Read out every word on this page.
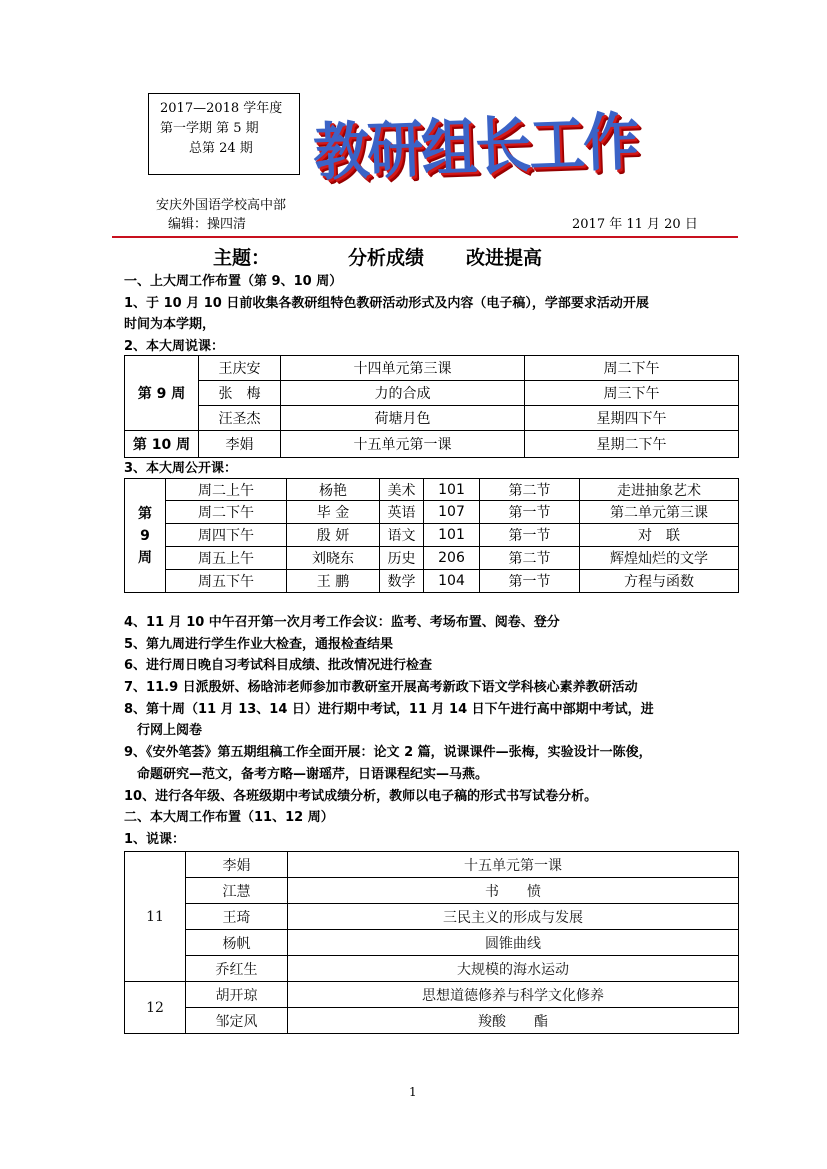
2017—2018 学年度
第一学期 第 5 期
总第 24 期	教研组长工作
安庆外国语学校高中部
编辑：操四清	2017 年 11 月 20 日
主题：	分析成绩 改进提高
一、上大周工作布置（第 9、10 周）
1、于 10 月 10 日前收集各教研组特色教研活动形式及内容（电子稿），学部要求活动开展
时间为本学期，
2、本大周说课：
第 9 周	王庆安	十四单元第三课	周二下午
	张　梅	力的合成	周三下午
	汪圣杰	荷塘月色	星期四下午
第 10 周	李娟	十五单元第一课	星期二下午
3、本大周公开课：
第
9
周	周二上午	杨艳	美术	101	第二节	走进抽象艺术
	周二下午	毕 金	英语	107	第一节	第二单元第三课
	周四下午	殷 妍	语文	101	第一节	对　联
	周五上午	刘晓东	历史	206	第二节	辉煌灿烂的文学
	周五下午	王 鹏	数学	104	第一节	方程与函数
4、11 月 10 中午召开第一次月考工作会议：监考、考场布置、阅卷、登分
5、第九周进行学生作业大检查，通报检查结果
6、进行周日晚自习考试科目成绩、批改情况进行检查
7、11.9 日派殷妍、杨晗沛老师参加市教研室开展高考新政下语文学科核心素养教研活动
8、第十周（11 月 13、14 日）进行期中考试，11 月 14 日下午进行高中部期中考试，进
行网上阅卷
9、《安外笔荟》第五期组稿工作全面开展：论文 2 篇，说课课件—张梅，实验设计一陈俊，
命题研究—范文，备考方略—谢瑶芹，日语课程纪实—马燕。
10、进行各年级、各班级期中考试成绩分析，教师以电子稿的形式书写试卷分析。
二、本大周工作布置（11、12 周）
1、说课：
11	李娟	十五单元第一课
	江慧	书　　愤
	王琦	三民主义的形成与发展
	杨帆	圆锥曲线
	乔红生	大规模的海水运动
12	胡开琼	思想道德修养与科学文化修养
	邹定风	羧酸　　酯
1
